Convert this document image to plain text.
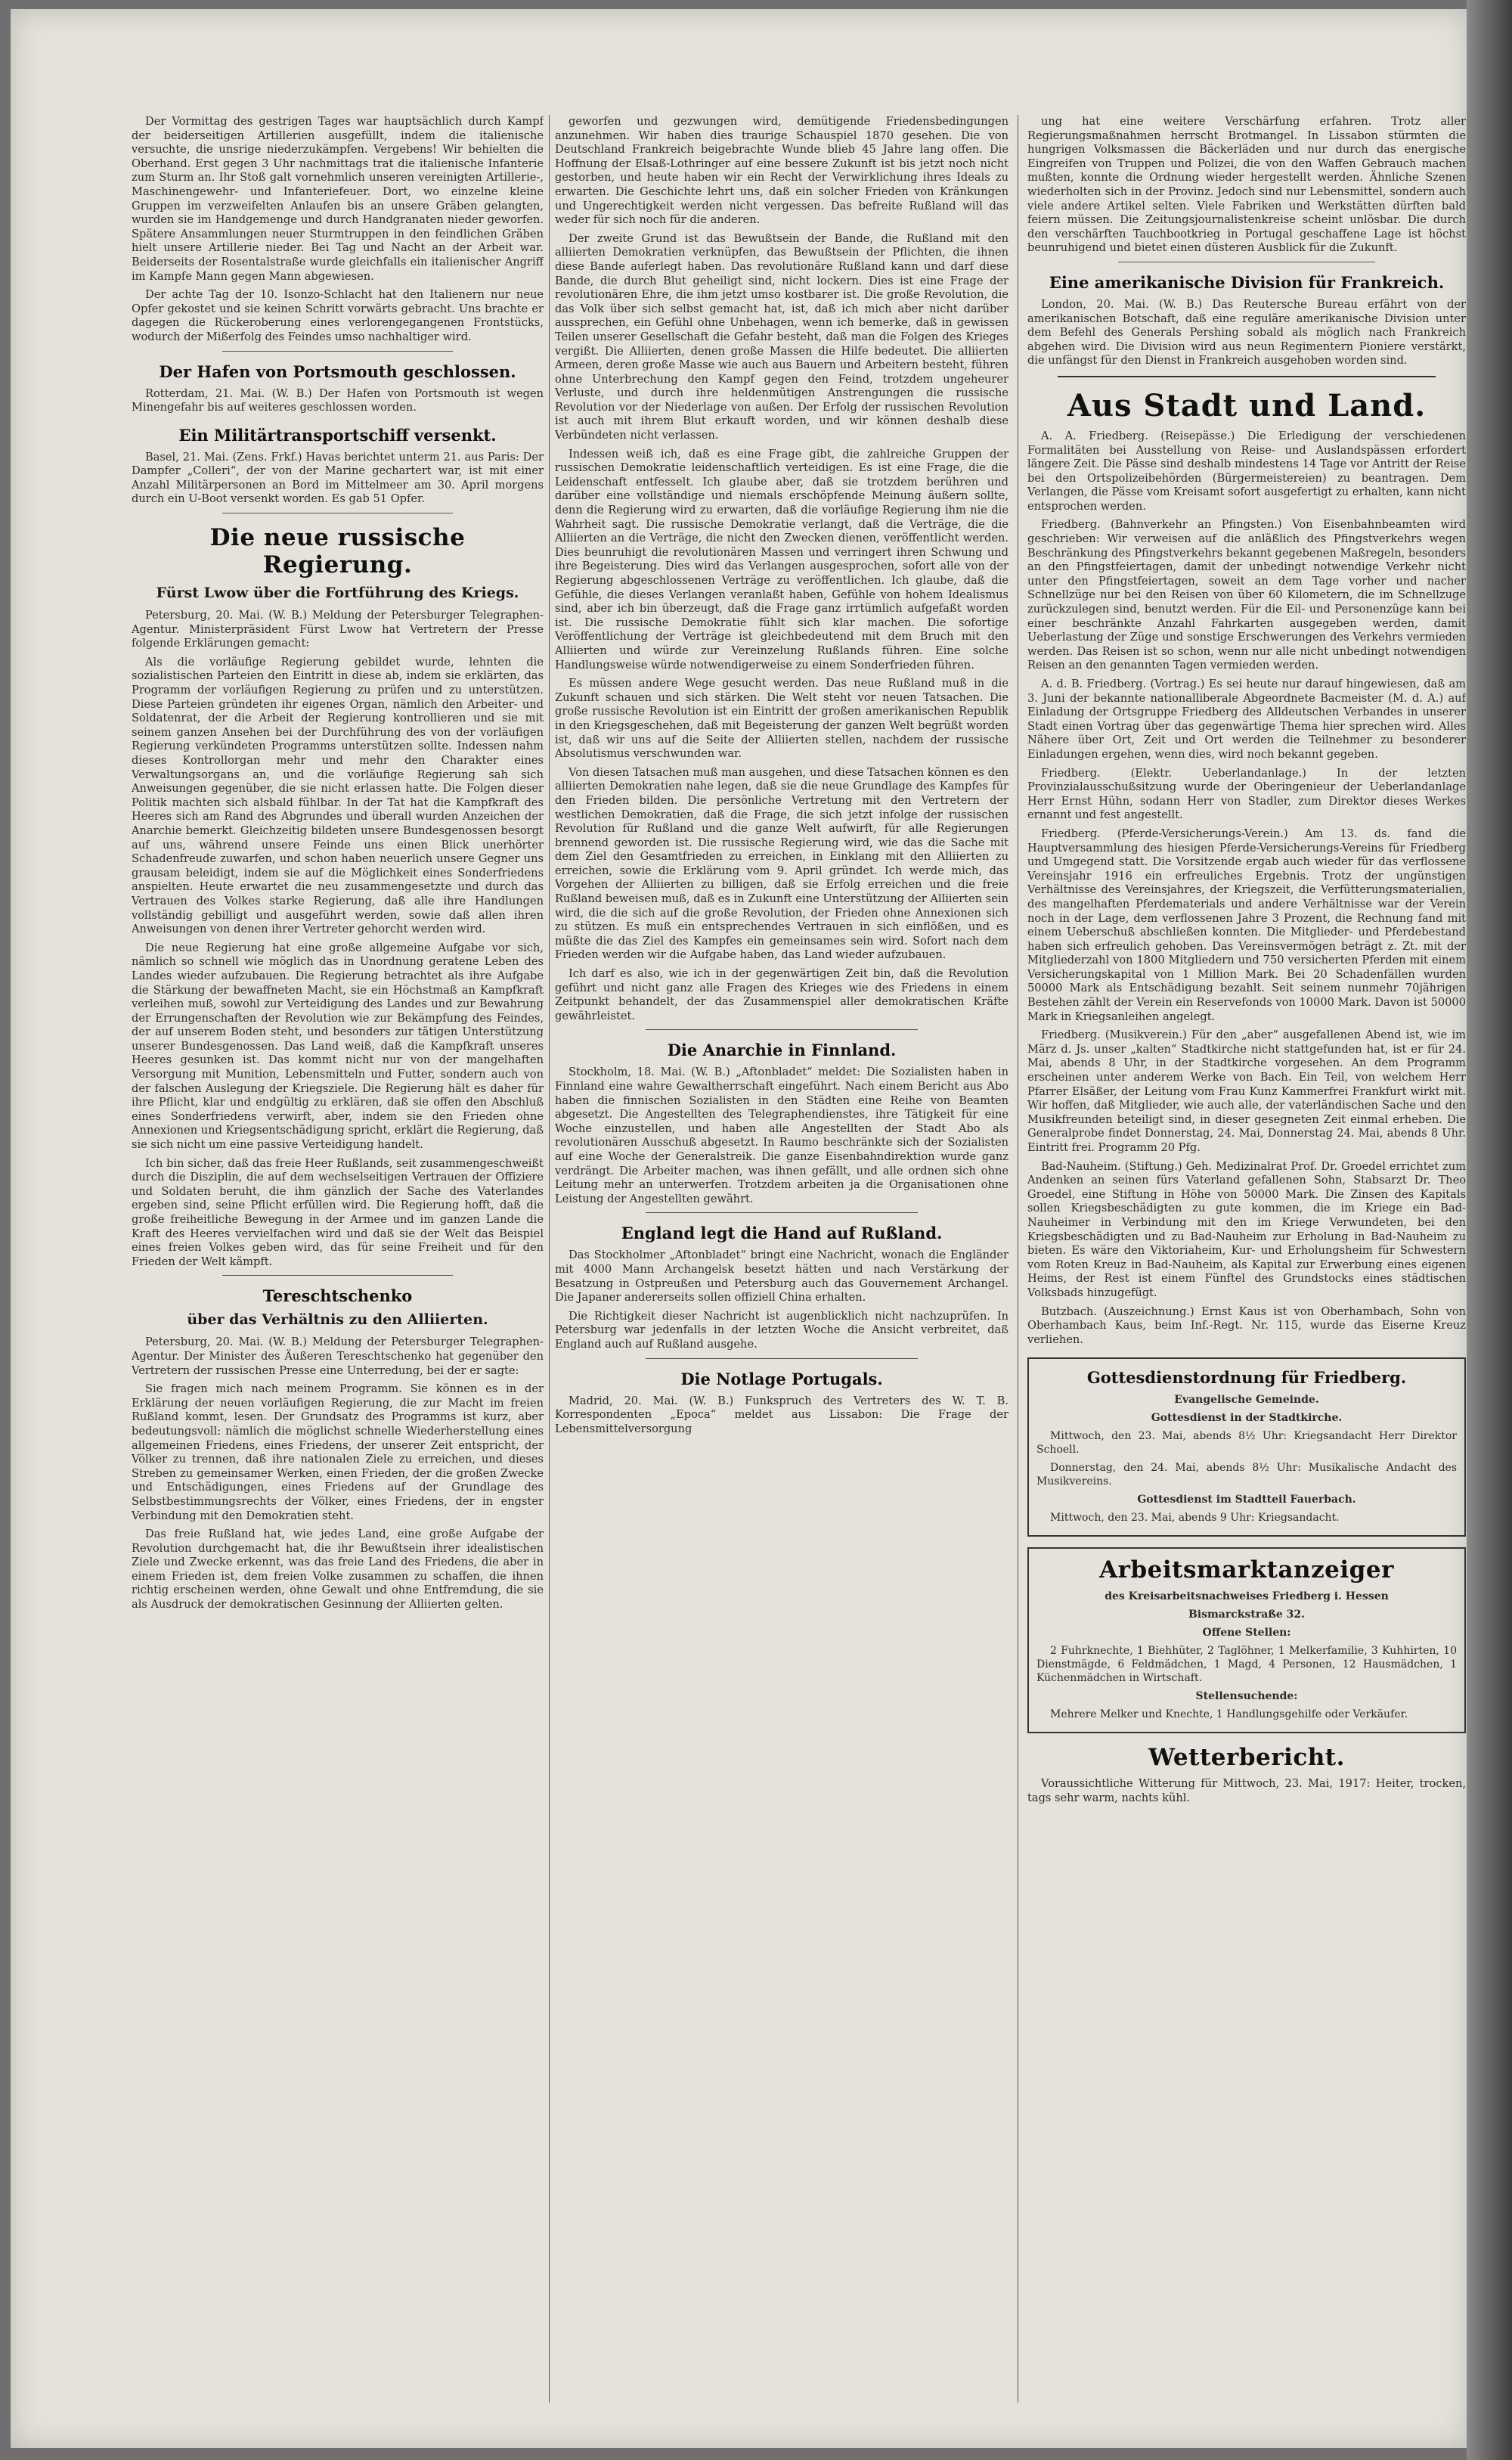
Der Vormittag des gestrigen Tages war hauptsächlich durch Kampf der beiderseitigen Artillerien ausgefüllt, indem die italienische versuchte, die unsrige niederzukämpfen. Vergebens! Wir behielten die Oberhand. Erst gegen 3 Uhr nachmittags trat die italienische Infanterie zum Sturm an. Ihr Stoß galt vornehmlich unseren vereinigten Artillerie-, Maschinengewehr- und Infanteriefeuer. Dort, wo einzelne kleine Gruppen im verzweifelten Anlaufen bis an unsere Gräben gelangten, wurden sie im Handgemenge und durch Handgranaten nieder geworfen. Spätere Ansammlungen neuer Sturmtruppen in den feindlichen Gräben hielt unsere Artillerie nieder. Bei Tag und Nacht an der Arbeit war. Beiderseits der Rosentalstraße wurde gleichfalls ein italienischer Angriff im Kampfe Mann gegen Mann abgewiesen.

Der achte Tag der 10. Isonzo-Schlacht hat den Italienern nur neue Opfer gekostet und sie keinen Schritt vorwärts gebracht. Uns brachte er dagegen die Rückeroberung eines verlorengegangenen Frontstücks, wodurch der Mißerfolg des Feindes umso nachhaltiger wird.

Der Hafen von Portsmouth geschlossen.

Rotterdam, 21. Mai. (W. B.) Der Hafen von Portsmouth ist wegen Minengefahr bis auf weiteres geschlossen worden.

Ein Militärtransportschiff versenkt.

Basel, 21. Mai. (Zens. Frkf.) Havas berichtet unterm 21. aus Paris: Der Dampfer „Colleri“, der von der Marine gechartert war, ist mit einer Anzahl Militärpersonen an Bord im Mittelmeer am 30. April morgens durch ein U-Boot versenkt worden. Es gab 51 Opfer.

Die neue russische Regierung.
Fürst Lwow über die Fortführung des Kriegs.

Petersburg, 20. Mai. (W. B.) Meldung der Petersburger Telegraphen-Agentur. Ministerpräsident Fürst Lwow hat Vertretern der Presse folgende Erklärungen gemacht:

Als die vorläufige Regierung gebildet wurde, lehnten die sozialistischen Parteien den Eintritt in diese ab, indem sie erklärten, das Programm der vorläufigen Regierung zu prüfen und zu unterstützen. Diese Parteien gründeten ihr eigenes Organ, nämlich den Arbeiter- und Soldatenrat, der die Arbeit der Regierung kontrollieren und sie mit seinem ganzen Ansehen bei der Durchführung des von der vorläufigen Regierung verkündeten Programms unterstützen sollte. Indessen nahm dieses Kontrollorgan mehr und mehr den Charakter eines Verwaltungsorgans an, und die vorläufige Regierung sah sich Anweisungen gegenüber, die sie nicht erlassen hatte. Die Folgen dieser Politik machten sich alsbald fühlbar. In der Tat hat die Kampfkraft des Heeres sich am Rand des Abgrundes und überall wurden Anzeichen der Anarchie bemerkt. Gleichzeitig bildeten unsere Bundesgenossen besorgt auf uns, während unsere Feinde uns einen Blick unerhörter Schadenfreude zuwarfen, und schon haben neuerlich unsere Gegner uns grausam beleidigt, indem sie auf die Möglichkeit eines Sonderfriedens anspielten. Heute erwartet die neu zusammengesetzte und durch das Vertrauen des Volkes starke Regierung, daß alle ihre Handlungen vollständig gebilligt und ausgeführt werden, sowie daß allen ihren Anweisungen von denen ihrer Vertreter gehorcht werden wird.

Die neue Regierung hat eine große allgemeine Aufgabe vor sich, nämlich so schnell wie möglich das in Unordnung geratene Leben des Landes wieder aufzubauen. Die Regierung betrachtet als ihre Aufgabe die Stärkung der bewaffneten Macht, sie ein Höchstmaß an Kampfkraft verleihen muß, sowohl zur Verteidigung des Landes und zur Bewahrung der Errungenschaften der Revolution wie zur Bekämpfung des Feindes, der auf unserem Boden steht, und besonders zur tätigen Unterstützung unserer Bundesgenossen. Das Land weiß, daß die Kampfkraft unseres Heeres gesunken ist. Das kommt nicht nur von der mangelhaften Versorgung mit Munition, Lebensmitteln und Futter, sondern auch von der falschen Auslegung der Kriegsziele. Die Regierung hält es daher für ihre Pflicht, klar und endgültig zu erklären, daß sie offen den Abschluß eines Sonderfriedens verwirft, aber, indem sie den Frieden ohne Annexionen und Kriegsentschädigung spricht, erklärt die Regierung, daß sie sich nicht um eine passive Verteidigung handelt.

Ich bin sicher, daß das freie Heer Rußlands, seit zusammengeschweißt durch die Disziplin, die auf dem wechselseitigen Vertrauen der Offiziere und Soldaten beruht, die ihm gänzlich der Sache des Vaterlandes ergeben sind, seine Pflicht erfüllen wird. Die Regierung hofft, daß die große freiheitliche Bewegung in der Armee und im ganzen Lande die Kraft des Heeres vervielfachen wird und daß sie der Welt das Beispiel eines freien Volkes geben wird, das für seine Freiheit und für den Frieden der Welt kämpft.

Tereschtschenko
über das Verhältnis zu den Alliierten.

Petersburg, 20. Mai. (W. B.) Meldung der Petersburger Telegraphen-Agentur. Der Minister des Äußeren Tereschtschenko hat gegenüber den Vertretern der russischen Presse eine Unterredung, bei der er sagte:

Sie fragen mich nach meinem Programm. Sie können es in der Erklärung der neuen vorläufigen Regierung, die zur Macht im freien Rußland kommt, lesen. Der Grundsatz des Programms ist kurz, aber bedeutungsvoll: nämlich die möglichst schnelle Wiederherstellung eines allgemeinen Friedens, eines Friedens, der unserer Zeit entspricht, der Völker zu trennen, daß ihre nationalen Ziele zu erreichen, und dieses Streben zu gemeinsamer Werken, einen Frieden, der die großen Zwecke und Entschädigungen, eines Friedens auf der Grundlage des Selbstbestimmungsrechts der Völker, eines Friedens, der in engster Verbindung mit den Demokratien steht.

Das freie Rußland hat, wie jedes Land, eine große Aufgabe der Revolution durchgemacht hat, die ihr Bewußtsein ihrer idealistischen Ziele und Zwecke erkennt, was das freie Land des Friedens, die aber in einem Frieden ist, dem freien Volke zusammen zu schaffen, die ihnen richtig erscheinen werden, ohne Gewalt und ohne Entfremdung, die sie als Ausdruck der demokratischen Gesinnung der Alliierten gelten.

geworfen und gezwungen wird, demütigende Friedensbedingungen anzunehmen. Wir haben dies traurige Schauspiel 1870 gesehen. Die von Deutschland Frankreich beigebrachte Wunde blieb 45 Jahre lang offen. Die Hoffnung der Elsaß-Lothringer auf eine bessere Zukunft ist bis jetzt noch nicht gestorben, und heute haben wir ein Recht der Verwirklichung ihres Ideals zu erwarten. Die Geschichte lehrt uns, daß ein solcher Frieden von Kränkungen und Ungerechtigkeit werden nicht vergessen. Das befreite Rußland will das weder für sich noch für die anderen.

Der zweite Grund ist das Bewußtsein der Bande, die Rußland mit den alliierten Demokratien verknüpfen, das Bewußtsein der Pflichten, die ihnen diese Bande auferlegt haben. Das revolutionäre Rußland kann und darf diese Bande, die durch Blut geheiligt sind, nicht lockern. Dies ist eine Frage der revolutionären Ehre, die ihm jetzt umso kostbarer ist. Die große Revolution, die das Volk über sich selbst gemacht hat, ist, daß ich mich aber nicht darüber aussprechen, ein Gefühl ohne Unbehagen, wenn ich bemerke, daß in gewissen Teilen unserer Gesellschaft die Gefahr besteht, daß man die Folgen des Krieges vergißt. Die Alliierten, denen große Massen die Hilfe bedeutet. Die alliierten Armeen, deren große Masse wie auch aus Bauern und Arbeitern besteht, führen ohne Unterbrechung den Kampf gegen den Feind, trotzdem ungeheurer Verluste, und durch ihre heldenmütigen Anstrengungen die russische Revolution vor der Niederlage von außen. Der Erfolg der russischen Revolution ist auch mit ihrem Blut erkauft worden, und wir können deshalb diese Verbündeten nicht verlassen.

Indessen weiß ich, daß es eine Frage gibt, die zahlreiche Gruppen der russischen Demokratie leidenschaftlich verteidigen. Es ist eine Frage, die die Leidenschaft entfesselt. Ich glaube aber, daß sie trotzdem berühren und darüber eine vollständige und niemals erschöpfende Meinung äußern sollte, denn die Regierung wird zu erwarten, daß die vorläufige Regierung ihm nie die Wahrheit sagt. Die russische Demokratie verlangt, daß die Verträge, die die Alliierten an die Verträge, die nicht den Zwecken dienen, veröffentlicht werden. Dies beunruhigt die revolutionären Massen und verringert ihren Schwung und ihre Begeisterung. Dies wird das Verlangen ausgesprochen, sofort alle von der Regierung abgeschlossenen Verträge zu veröffentlichen. Ich glaube, daß die Gefühle, die dieses Verlangen veranlaßt haben, Gefühle von hohem Idealismus sind, aber ich bin überzeugt, daß die Frage ganz irrtümlich aufgefaßt worden ist. Die russische Demokratie fühlt sich klar machen. Die sofortige Veröffentlichung der Verträge ist gleichbedeutend mit dem Bruch mit den Alliierten und würde zur Vereinzelung Rußlands führen. Eine solche Handlungsweise würde notwendigerweise zu einem Sonderfrieden führen.

Es müssen andere Wege gesucht werden. Das neue Rußland muß in die Zukunft schauen und sich stärken. Die Welt steht vor neuen Tatsachen. Die große russische Revolution ist ein Eintritt der großen amerikanischen Republik in den Kriegsgeschehen, daß mit Begeisterung der ganzen Welt begrüßt worden ist, daß wir uns auf die Seite der Alliierten stellen, nachdem der russische Absolutismus verschwunden war.

Von diesen Tatsachen muß man ausgehen, und diese Tatsachen können es den alliierten Demokratien nahe legen, daß sie die neue Grundlage des Kampfes für den Frieden bilden. Die persönliche Vertretung mit den Vertretern der westlichen Demokratien, daß die Frage, die sich jetzt infolge der russischen Revolution für Rußland und die ganze Welt aufwirft, für alle Regierungen brennend geworden ist. Die russische Regierung wird, wie das die Sache mit dem Ziel den Gesamtfrieden zu erreichen, in Einklang mit den Alliierten zu erreichen, sowie die Erklärung vom 9. April gründet. Ich werde mich, das Vorgehen der Alliierten zu billigen, daß sie Erfolg erreichen und die freie Rußland beweisen muß, daß es in Zukunft eine Unterstützung der Alliierten sein wird, die die sich auf die große Revolution, der Frieden ohne Annexionen sich zu stützen. Es muß ein entsprechendes Vertrauen in sich einflößen, und es müßte die das Ziel des Kampfes ein gemeinsames sein wird. Sofort nach dem Frieden werden wir die Aufgabe haben, das Land wieder aufzubauen.

Ich darf es also, wie ich in der gegenwärtigen Zeit bin, daß die Revolution geführt und nicht ganz alle Fragen des Krieges wie des Friedens in einem Zeitpunkt behandelt, der das Zusammenspiel aller demokratischen Kräfte gewährleistet.

Die Anarchie in Finnland.

Stockholm, 18. Mai. (W. B.) „Aftonbladet“ meldet: Die Sozialisten haben in Finnland eine wahre Gewaltherrschaft eingeführt. Nach einem Bericht aus Abo haben die finnischen Sozialisten in den Städten eine Reihe von Beamten abgesetzt. Die Angestellten des Telegraphendienstes, ihre Tätigkeit für eine Woche einzustellen, und haben alle Angestellten der Stadt Abo als revolutionären Ausschuß abgesetzt. In Raumo beschränkte sich der Sozialisten auf eine Woche der Generalstreik. Die ganze Eisenbahndirektion wurde ganz verdrängt. Die Arbeiter machen, was ihnen gefällt, und alle ordnen sich ohne Leitung mehr an unterwerfen. Trotzdem arbeiten ja die Organisationen ohne Leistung der Angestellten gewährt.

England legt die Hand auf Rußland.

Das Stockholmer „Aftonbladet“ bringt eine Nachricht, wonach die Engländer mit 4000 Mann Archangelsk besetzt hätten und nach Verstärkung der Besatzung in Ostpreußen und Petersburg auch das Gouvernement Archangel. Die Japaner andererseits sollen offiziell China erhalten.

Die Richtigkeit dieser Nachricht ist augenblicklich nicht nachzuprüfen. In Petersburg war jedenfalls in der letzten Woche die Ansicht verbreitet, daß England auch auf Rußland ausgehe.

Die Notlage Portugals.

Madrid, 20. Mai. (W. B.) Funkspruch des Vertreters des W. T. B. Korrespondenten „Epoca“ meldet aus Lissabon: Die Frage der Lebensmittelversorgung

ung hat eine weitere Verschärfung erfahren. Trotz aller Regierungsmaßnahmen herrscht Brotmangel. In Lissabon stürmten die hungrigen Volksmassen die Bäckerläden und nur durch das energische Eingreifen von Truppen und Polizei, die von den Waffen Gebrauch machen mußten, konnte die Ordnung wieder hergestellt werden. Ähnliche Szenen wiederholten sich in der Provinz. Jedoch sind nur Lebensmittel, sondern auch viele andere Artikel selten. Viele Fabriken und Werkstätten dürften bald feiern müssen. Die Zeitungsjournalistenkreise scheint unlösbar. Die durch den verschärften Tauchbootkrieg in Portugal geschaffene Lage ist höchst beunruhigend und bietet einen düsteren Ausblick für die Zukunft.

Eine amerikanische Division für Frankreich.

London, 20. Mai. (W. B.) Das Reutersche Bureau erfährt von der amerikanischen Botschaft, daß eine reguläre amerikanische Division unter dem Befehl des Generals Pershing sobald als möglich nach Frankreich abgehen wird. Die Division wird aus neun Regimentern Pioniere verstärkt, die unfängst für den Dienst in Frankreich ausgehoben worden sind.

Aus Stadt und Land.

A. A. Friedberg. (Reisepässe.) Die Erledigung der verschiedenen Formalitäten bei Ausstellung von Reise- und Auslandspässen erfordert längere Zeit. Die Pässe sind deshalb mindestens 14 Tage vor Antritt der Reise bei den Ortspolizeibehörden (Bürgermeistereien) zu beantragen. Dem Verlangen, die Pässe vom Kreisamt sofort ausgefertigt zu erhalten, kann nicht entsprochen werden.

Friedberg. (Bahnverkehr an Pfingsten.) Von Eisenbahnbeamten wird geschrieben: Wir verweisen auf die anläßlich des Pfingstverkehrs wegen Beschränkung des Pfingstverkehrs bekannt gegebenen Maßregeln, besonders an den Pfingstfeiertagen, damit der unbedingt notwendige Verkehr nicht unter den Pfingstfeiertagen, soweit an dem Tage vorher und nacher Schnellzüge nur bei den Reisen von über 60 Kilometern, die im Schnellzuge zurückzulegen sind, benutzt werden. Für die Eil- und Personenzüge kann bei einer beschränkte Anzahl Fahrkarten ausgegeben werden, damit Ueberlastung der Züge und sonstige Erschwerungen des Verkehrs vermieden werden. Das Reisen ist so schon, wenn nur alle nicht unbedingt notwendigen Reisen an den genannten Tagen vermieden werden.

A. d. B. Friedberg. (Vortrag.) Es sei heute nur darauf hingewiesen, daß am 3. Juni der bekannte nationalliberale Abgeordnete Bacmeister (M. d. A.) auf Einladung der Ortsgruppe Friedberg des Alldeutschen Verbandes in unserer Stadt einen Vortrag über das gegenwärtige Thema hier sprechen wird. Alles Nähere über Ort, Zeit und Ort werden die Teilnehmer zu besonderer Einladungen ergehen, wenn dies, wird noch bekannt gegeben.

Friedberg. (Elektr. Ueberlandanlage.) In der letzten Provinzialausschußsitzung wurde der Oberingenieur der Ueberlandanlage Herr Ernst Hühn, sodann Herr von Stadler, zum Direktor dieses Werkes ernannt und fest angestellt.

Friedberg. (Pferde-Versicherungs-Verein.) Am 13. ds. fand die Hauptversammlung des hiesigen Pferde-Versicherungs-Vereins für Friedberg und Umgegend statt. Die Vorsitzende ergab auch wieder für das verflossene Vereinsjahr 1916 ein erfreuliches Ergebnis. Trotz der ungünstigen Verhältnisse des Vereinsjahres, der Kriegszeit, die Verfütterungsmaterialien, des mangelhaften Pferdematerials und andere Verhältnisse war der Verein noch in der Lage, dem verflossenen Jahre 3 Prozent, die Rechnung fand mit einem Ueberschuß abschließen konnten. Die Mitglieder- und Pferdebestand haben sich erfreulich gehoben. Das Vereinsvermögen beträgt z. Zt. mit der Mitgliederzahl von 1800 Mitgliedern und 750 versicherten Pferden mit einem Versicherungskapital von 1 Million Mark. Bei 20 Schadenfällen wurden 50000 Mark als Entschädigung bezahlt. Seit seinem nunmehr 70jährigen Bestehen zählt der Verein ein Reservefonds von 10000 Mark. Davon ist 50000 Mark in Kriegsanleihen angelegt.

Friedberg. (Musikverein.) Für den „aber“ ausgefallenen Abend ist, wie im März d. Js. unser „kalten“ Stadtkirche nicht stattgefunden hat, ist er für 24. Mai, abends 8 Uhr, in der Stadtkirche vorgesehen. An dem Programm erscheinen unter anderem Werke von Bach. Ein Teil, von welchem Herr Pfarrer Elsäßer, der Leitung vom Frau Kunz Kammerfrei Frankfurt wirkt mit. Wir hoffen, daß Mitglieder, wie auch alle, der vaterländischen Sache und den Musikfreunden beteiligt sind, in dieser gesegneten Zeit einmal erheben. Die Generalprobe findet Donnerstag, 24. Mai, Donnerstag 24. Mai, abends 8 Uhr. Eintritt frei. Programm 20 Pfg.

Bad-Nauheim. (Stiftung.) Geh. Medizinalrat Prof. Dr. Groedel errichtet zum Andenken an seinen fürs Vaterland gefallenen Sohn, Stabsarzt Dr. Theo Groedel, eine Stiftung in Höhe von 50000 Mark. Die Zinsen des Kapitals sollen Kriegsbeschädigten zu gute kommen, die im Kriege ein Bad-Nauheimer in Verbindung mit den im Kriege Verwundeten, bei den Kriegsbeschädigten und zu Bad-Nauheim zur Erholung in Bad-Nauheim zu bieten. Es wäre den Viktoriaheim, Kur- und Erholungsheim für Schwestern vom Roten Kreuz in Bad-Nauheim, als Kapital zur Erwerbung eines eigenen Heims, der Rest ist einem Fünftel des Grundstocks eines städtischen Volksbads hinzugefügt.

Butzbach. (Auszeichnung.) Ernst Kaus ist von Oberhambach, Sohn von Oberhambach Kaus, beim Inf.-Regt. Nr. 115, wurde das Eiserne Kreuz verliehen.

Gottesdienstordnung für Friedberg.

Evangelische Gemeinde.

Gottesdienst in der Stadtkirche.

Mittwoch, den 23. Mai, abends 8½ Uhr: Kriegsandacht Herr Direktor Schoell.

Donnerstag, den 24. Mai, abends 8½ Uhr: Musikalische Andacht des Musikvereins.

Gottesdienst im Stadtteil Fauerbach.

Mittwoch, den 23. Mai, abends 9 Uhr: Kriegsandacht.

Arbeitsmarktanzeiger

des Kreisarbeitsnachweises Friedberg i. Hessen

Bismarckstraße 32.

Offene Stellen:

2 Fuhrknechte, 1 Biehhüter, 2 Taglöhner, 1 Melkerfamilie, 3 Kuhhirten, 10 Dienstmägde, 6 Feldmädchen, 1 Magd, 4 Personen, 12 Hausmädchen, 1 Küchenmädchen in Wirtschaft.

Stellensuchende:

Mehrere Melker und Knechte, 1 Handlungsgehilfe oder Verkäufer.

Wetterbericht.

Voraussichtliche Witterung für Mittwoch, 23. Mai, 1917: Heiter, trocken, tags sehr warm, nachts kühl.
